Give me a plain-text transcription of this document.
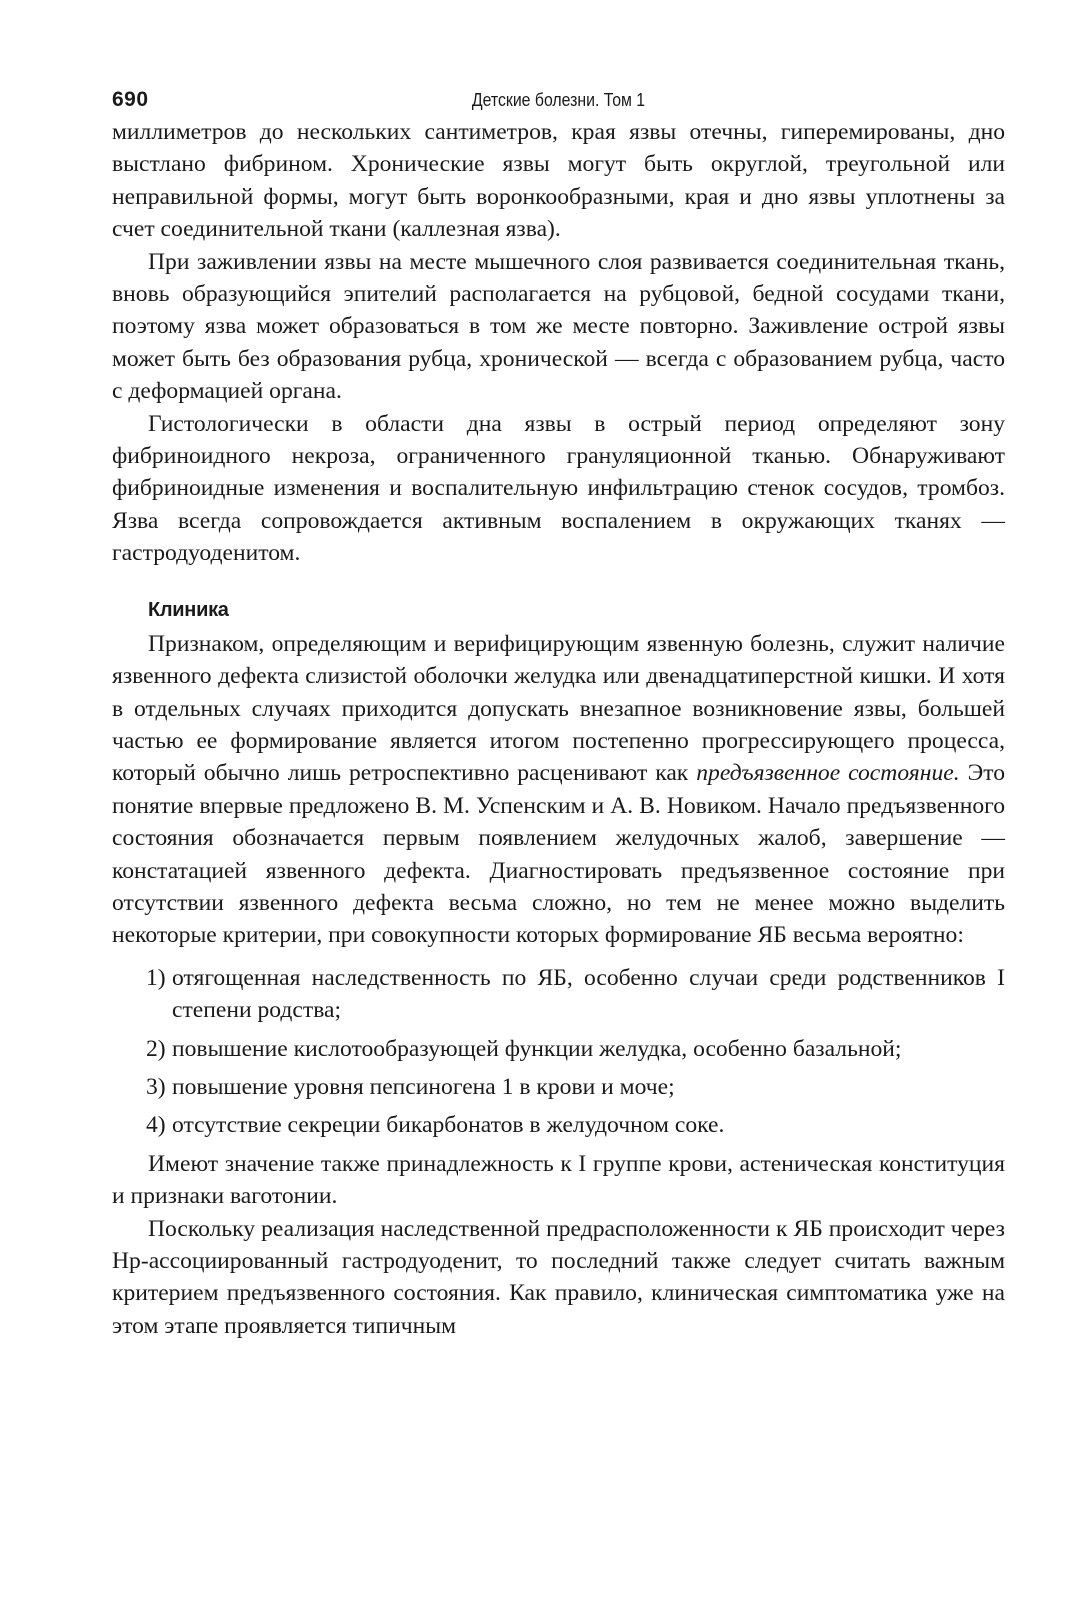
690	Детские болезни. Том 1

миллиметров до нескольких сантиметров, края язвы отечны, гиперемированы, дно выстлано фибрином. Хронические язвы могут быть округлой, треугольной или неправильной формы, могут быть воронкообразными, края и дно язвы уплотнены за счет соединительной ткани (каллезная язва).

При заживлении язвы на месте мышечного слоя развивается соединительная ткань, вновь образующийся эпителий располагается на рубцовой, бедной сосудами ткани, поэтому язва может образоваться в том же месте повторно. Заживление острой язвы может быть без образования рубца, хронической — всегда с образованием рубца, часто с деформацией органа.

Гистологически в области дна язвы в острый период определяют зону фибриноидного некроза, ограниченного грануляционной тканью. Обнаруживают фибриноидные изменения и воспалительную инфильтрацию стенок сосудов, тромбоз. Язва всегда сопровождается активным воспалением в окружающих тканях — гастродуоденитом.

Клиника

Признаком, определяющим и верифицирующим язвенную болезнь, служит наличие язвенного дефекта слизистой оболочки желудка или двенадцатиперстной кишки. И хотя в отдельных случаях приходится допускать внезапное возникновение язвы, большей частью ее формирование является итогом постепенно прогрессирующего процесса, который обычно лишь ретроспективно расценивают как предъязвенное состояние. Это понятие впервые предложено В. М. Успенским и А. В. Новиком. Начало предъязвенного состояния обозначается первым появлением желудочных жалоб, завершение — констатацией язвенного дефекта. Диагностировать предъязвенное состояние при отсутствии язвенного дефекта весьма сложно, но тем не менее можно выделить некоторые критерии, при совокупности которых формирование ЯБ весьма вероятно:

1) отягощенная наследственность по ЯБ, особенно случаи среди родственников I степени родства;
2) повышение кислотообразующей функции желудка, особенно базальной;
3) повышение уровня пепсиногена 1 в крови и моче;
4) отсутствие секреции бикарбонатов в желудочном соке.

Имеют значение также принадлежность к I группе крови, астеническая конституция и признаки ваготонии.

Поскольку реализация наследственной предрасположенности к ЯБ происходит через Нр-ассоциированный гастродуоденит, то последний также следует считать важным критерием предъязвенного состояния. Как правило, клиническая симптоматика уже на этом этапе проявляется типичным
